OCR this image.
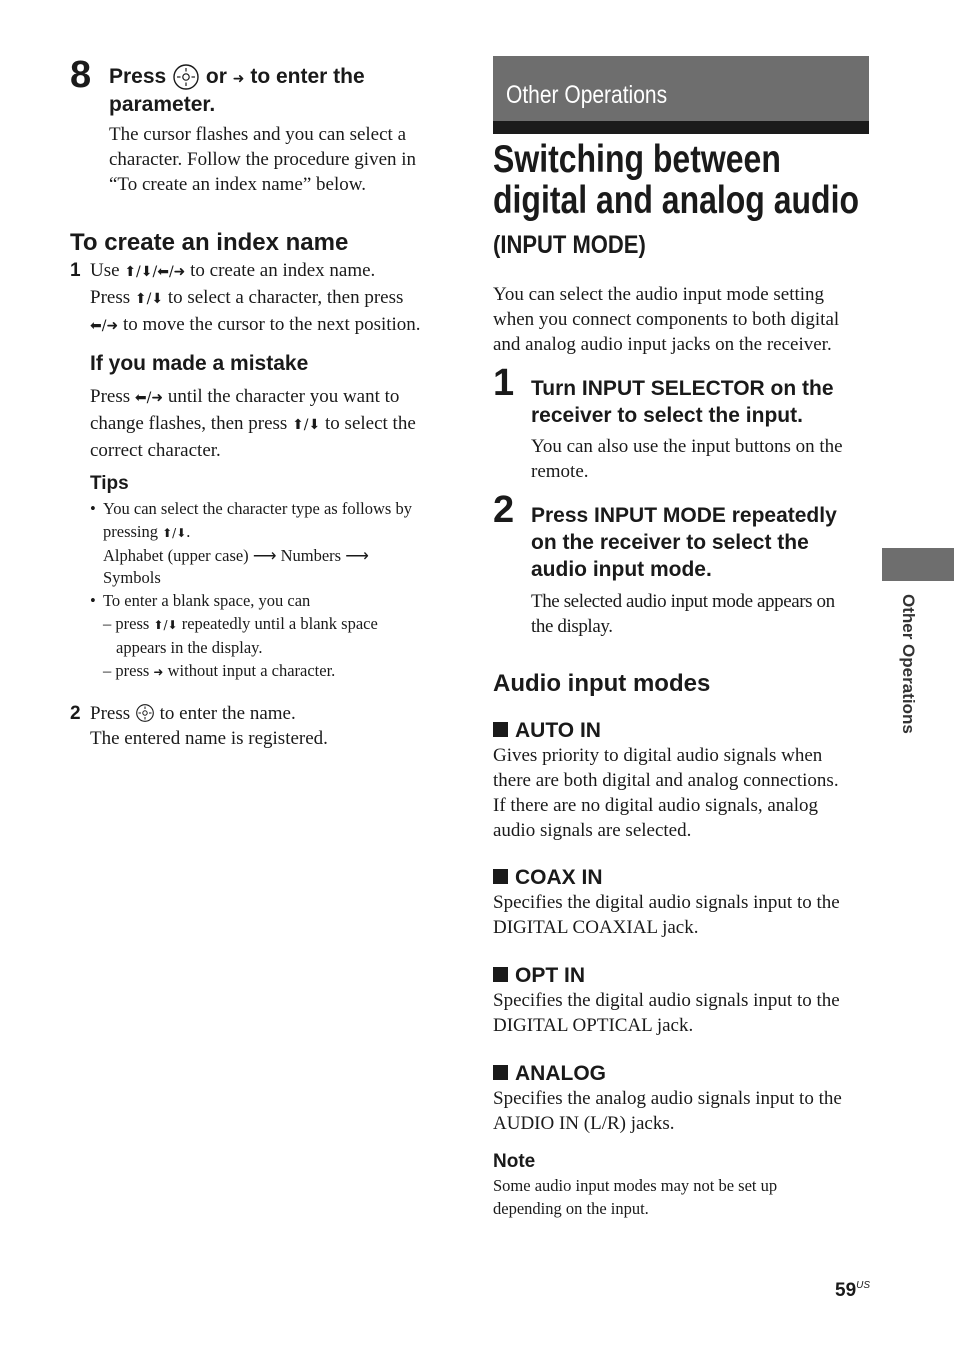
8 Press or ➜ to enter the
parameter.

The cursor flashes and you can select a

character. Follow the procedure given in

“To create an index name” below.

To create an index name
1 Use ⬆/⬇/⬅/➜ to create an index name.

Press ⬆/⬇ to select a character, then press

⬅/➜ to move the cursor to the next position.

If you made a mistake

Press ⬅/➜ until the character you want to

change flashes, then press ⬆/⬇ to select the

correct character.

Tips

• You can select the character type as follows by

pressing ⬆/⬇.

Alphabet (upper case) ⟶ Numbers ⟶

Symbols

• To enter a blank space, you can

– press ⬆/⬇ repeatedly until a blank space

appears in the display.

– press ➜ without input a character.

2 Press to enter the name.

The entered name is registered.

Other Operations
Switching between
digital and analog audio
(INPUT MODE)

You can select the audio input mode setting

when you connect components to both digital

and analog audio input jacks on the receiver.

1 Turn INPUT SELECTOR on the

receiver to select the input.

You can also use the input buttons on the

remote.

2 Press INPUT MODE repeatedly

on the receiver to select the

audio input mode.

The selected audio input mode appears on

the display.

Audio input modes
AUTO IN

Gives priority to digital audio signals when

there are both digital and analog connections.

If there are no digital audio signals, analog

audio signals are selected.

COAX IN

Specifies the digital audio signals input to the

DIGITAL COAXIAL jack.

OPT IN

Specifies the digital audio signals input to the

DIGITAL OPTICAL jack.

ANALOG

Specifies the analog audio signals input to the

AUDIO IN (L/R) jacks.

Note

Some audio input modes may not be set up

depending on the input.

Other Operations
$59^{US}$
